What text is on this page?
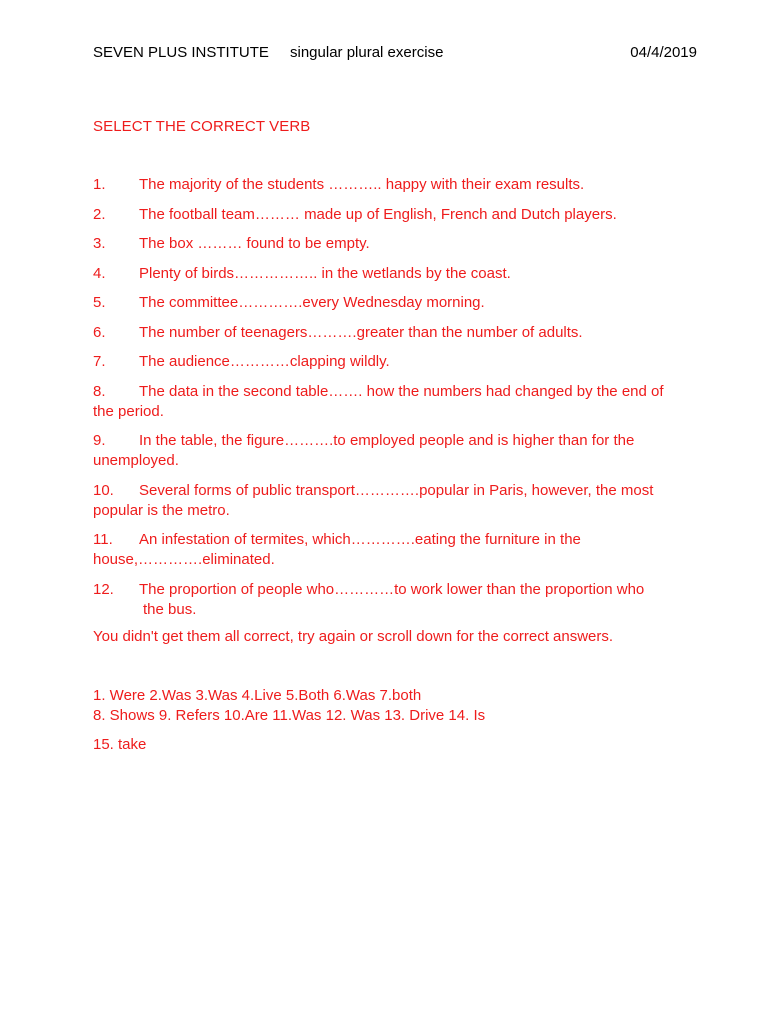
SEVEN PLUS INSTITUTE singular plural exercise	04/4/2019
SELECT THE CORRECT VERB
1. The majority of the students ……….. happy with their exam results.
2. The football team……… made up of English, French and Dutch players.
3. The box ……… found to be empty.
4. Plenty of birds…………….. in the wetlands by the coast.
5. The committee………….every Wednesday morning.
6. The number of teenagers……….greater than the number of adults.
7. The audience…………clapping wildly.
8. The data in the second table……. how the numbers had changed by the end of the period.
9. In the table, the figure……….to employed people and is higher than for the unemployed.
10. Several forms of public transport………….popular in Paris, however, the most popular is the metro.
11. An infestation of termites, which………….eating the furniture in the house,………….eliminated.
12. The proportion of people who…………to work lower than the proportion whothe bus.
You didn't get them all correct, try again or scroll down for the correct answers.
1. Were 2.Was 3.Was 4.Live 5.Both 6.Was 7.both
8. Shows 9. Refers 10.Are 11.Was 12. Was 13. Drive 14. Is
15. take
